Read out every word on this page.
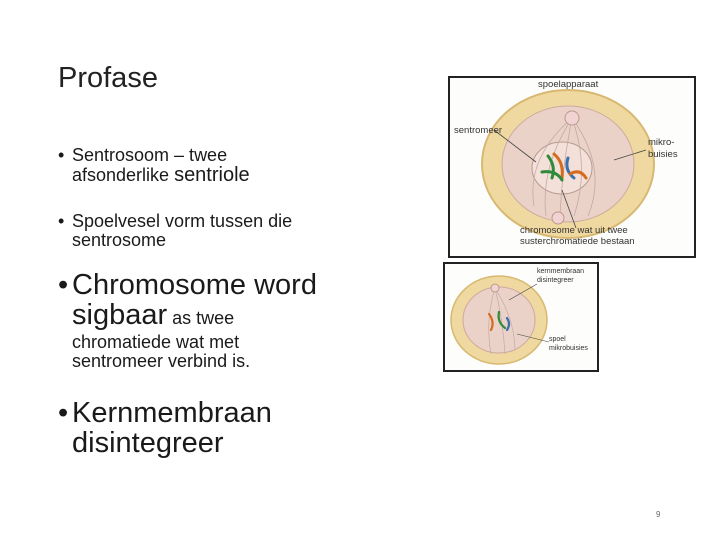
Profase
• Sentrosoom – twee
afsonderlike sentriole
• Spoelvesel vorm tussen die
sentrosome
• Chromosome word
sigbaar as twee
chromatiede wat met
sentromeer verbind is.
• Kernmembraan
disintegreer
spoelapparaat
sentromeer
mikro-
buisies
chromosome wat uit twee
susterchromatiede bestaan
kernmembraan
disintegreer
spoel
mikrobuisies
9
